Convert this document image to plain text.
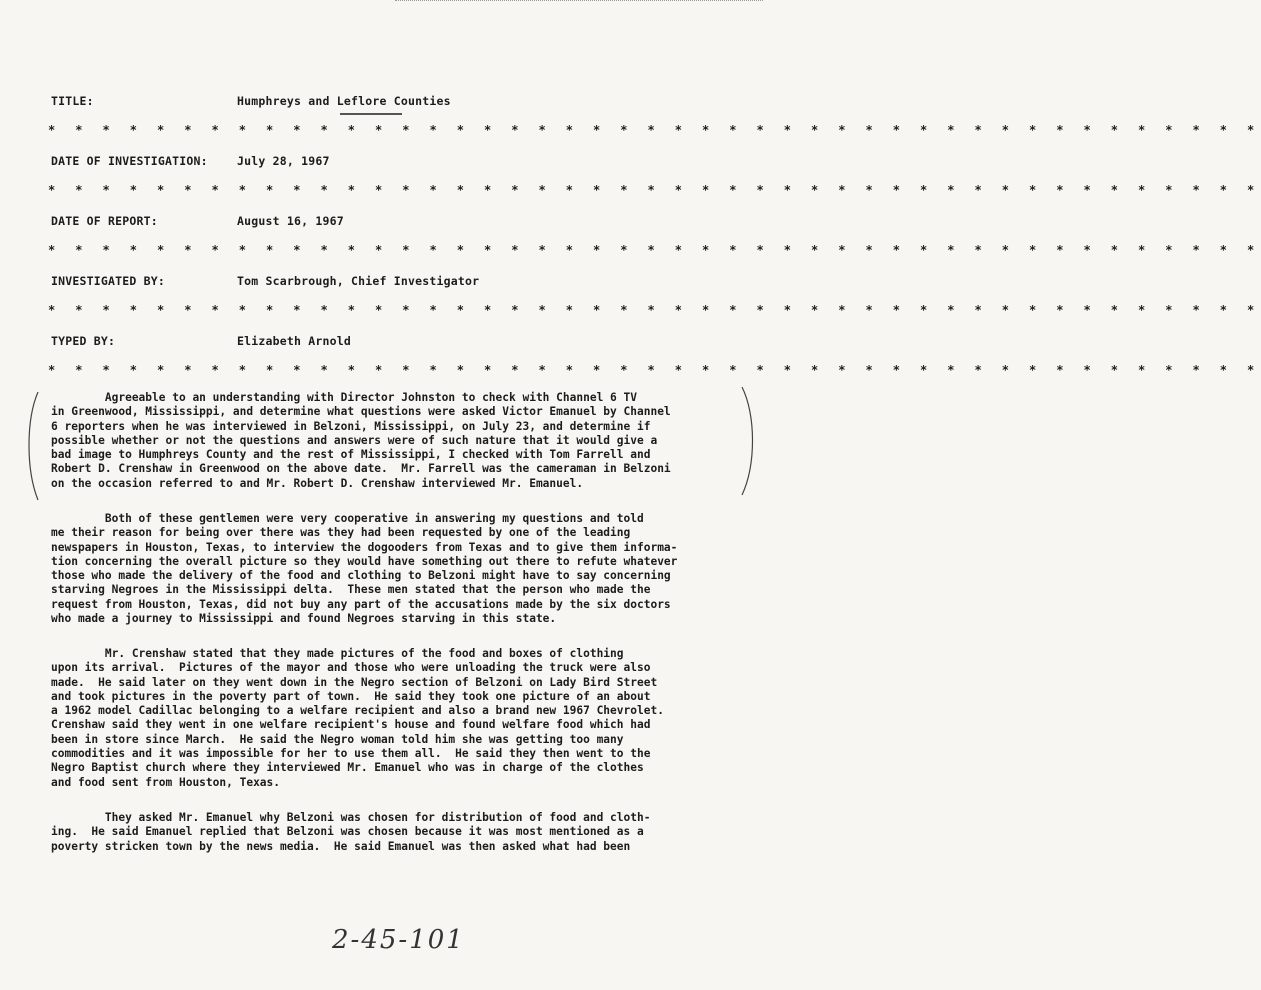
TITLE:	Humphreys and Leflore Counties
* * * * * * * * * * * * * * * * * * * * * * * * * * * * * * * * * * * * * * * * * * * * *
DATE OF INVESTIGATION:	July 28, 1967
* * * * * * * * * * * * * * * * * * * * * * * * * * * * * * * * * * * * * * * * * * * * *
DATE OF REPORT:	August 16, 1967
* * * * * * * * * * * * * * * * * * * * * * * * * * * * * * * * * * * * * * * * * * * * *
INVESTIGATED BY:	Tom Scarbrough, Chief Investigator
* * * * * * * * * * * * * * * * * * * * * * * * * * * * * * * * * * * * * * * * * * * * *
TYPED BY:	Elizabeth Arnold
* * * * * * * * * * * * * * * * * * * * * * * * * * * * * * * * * * * * * * * * * * * * *
Agreeable to an understanding with Director Johnston to check with Channel 6 TV
in Greenwood, Mississippi, and determine what questions were asked Victor Emanuel by Channel
6 reporters when he was interviewed in Belzoni, Mississippi, on July 23, and determine if
possible whether or not the questions and answers were of such nature that it would give a
bad image to Humphreys County and the rest of Mississippi, I checked with Tom Farrell and
Robert D. Crenshaw in Greenwood on the above date.  Mr. Farrell was the cameraman in Belzoni
on the occasion referred to and Mr. Robert D. Crenshaw interviewed Mr. Emanuel.
Both of these gentlemen were very cooperative in answering my questions and told
me their reason for being over there was they had been requested by one of the leading
newspapers in Houston, Texas, to interview the dogooders from Texas and to give them informa-
tion concerning the overall picture so they would have something out there to refute whatever
those who made the delivery of the food and clothing to Belzoni might have to say concerning
starving Negroes in the Mississippi delta.  These men stated that the person who made the
request from Houston, Texas, did not buy any part of the accusations made by the six doctors
who made a journey to Mississippi and found Negroes starving in this state.
Mr. Crenshaw stated that they made pictures of the food and boxes of clothing
upon its arrival.  Pictures of the mayor and those who were unloading the truck were also
made.  He said later on they went down in the Negro section of Belzoni on Lady Bird Street
and took pictures in the poverty part of town.  He said they took one picture of an about
a 1962 model Cadillac belonging to a welfare recipient and also a brand new 1967 Chevrolet.
Crenshaw said they went in one welfare recipient's house and found welfare food which had
been in store since March.  He said the Negro woman told him she was getting too many
commodities and it was impossible for her to use them all.  He said they then went to the
Negro Baptist church where they interviewed Mr. Emanuel who was in charge of the clothes
and food sent from Houston, Texas.
They asked Mr. Emanuel why Belzoni was chosen for distribution of food and cloth-
ing.  He said Emanuel replied that Belzoni was chosen because it was most mentioned as a
poverty stricken town by the news media.  He said Emanuel was then asked what had been
2-45-101
